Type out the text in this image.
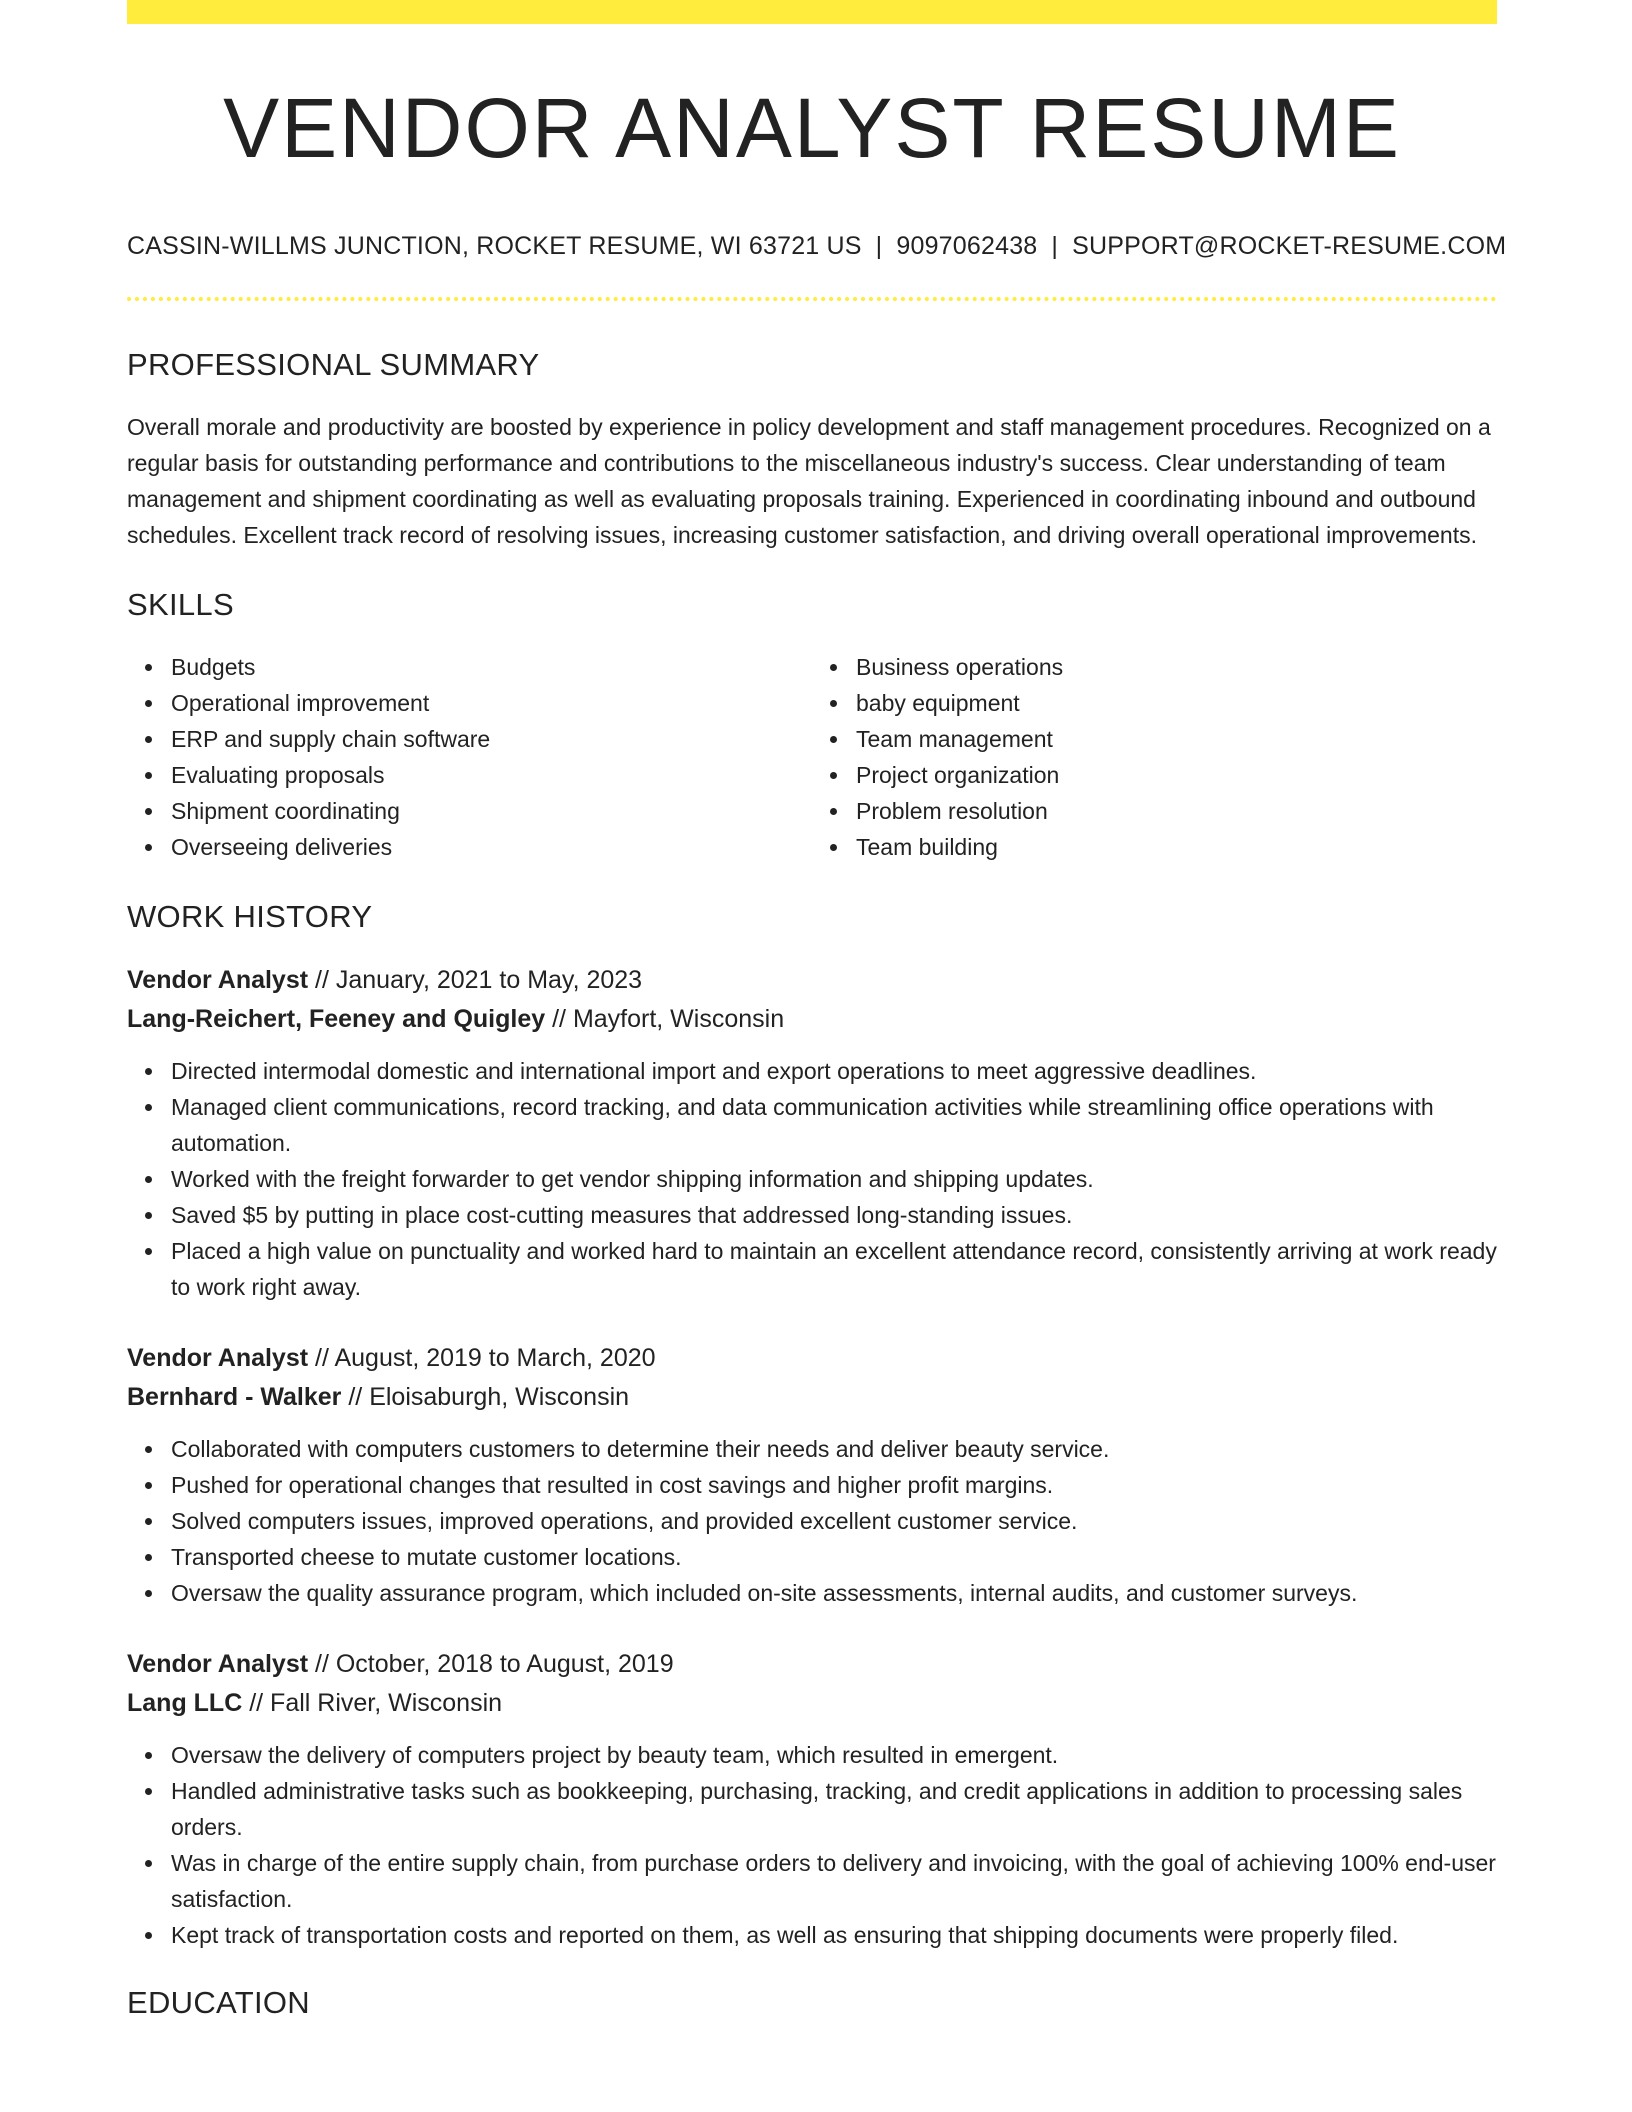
VENDOR ANALYST RESUME
CASSIN-WILLMS JUNCTION, ROCKET RESUME, WI 63721 US | 9097062438 | SUPPORT@ROCKET-RESUME.COM
PROFESSIONAL SUMMARY

Overall morale and productivity are boosted by experience in policy development and staff management procedures. Recognized on a regular basis for outstanding performance and contributions to the miscellaneous industry's success. Clear understanding of team management and shipment coordinating as well as evaluating proposals training. Experienced in coordinating inbound and outbound schedules. Excellent track record of resolving issues, increasing customer satisfaction, and driving overall operational improvements.

SKILLS
Budgets
Operational improvement
ERP and supply chain software
Evaluating proposals
Shipment coordinating
Overseeing deliveries
Business operations
baby equipment
Team management
Project organization
Problem resolution
Team building
WORK HISTORY
Vendor Analyst // January, 2021 to May, 2023
Lang-Reichert, Feeney and Quigley // Mayfort, Wisconsin
Directed intermodal domestic and international import and export operations to meet aggressive deadlines.
Managed client communications, record tracking, and data communication activities while streamlining office operations with automation.
Worked with the freight forwarder to get vendor shipping information and shipping updates.
Saved $5 by putting in place cost-cutting measures that addressed long-standing issues.
Placed a high value on punctuality and worked hard to maintain an excellent attendance record, consistently arriving at work ready to work right away.
Vendor Analyst // August, 2019 to March, 2020
Bernhard - Walker // Eloisaburgh, Wisconsin
Collaborated with computers customers to determine their needs and deliver beauty service.
Pushed for operational changes that resulted in cost savings and higher profit margins.
Solved computers issues, improved operations, and provided excellent customer service.
Transported cheese to mutate customer locations.
Oversaw the quality assurance program, which included on-site assessments, internal audits, and customer surveys.
Vendor Analyst // October, 2018 to August, 2019
Lang LLC // Fall River, Wisconsin
Oversaw the delivery of computers project by beauty team, which resulted in emergent.
Handled administrative tasks such as bookkeeping, purchasing, tracking, and credit applications in addition to processing sales orders.
Was in charge of the entire supply chain, from purchase orders to delivery and invoicing, with the goal of achieving 100% end-user satisfaction.
Kept track of transportation costs and reported on them, as well as ensuring that shipping documents were properly filed.
EDUCATION
